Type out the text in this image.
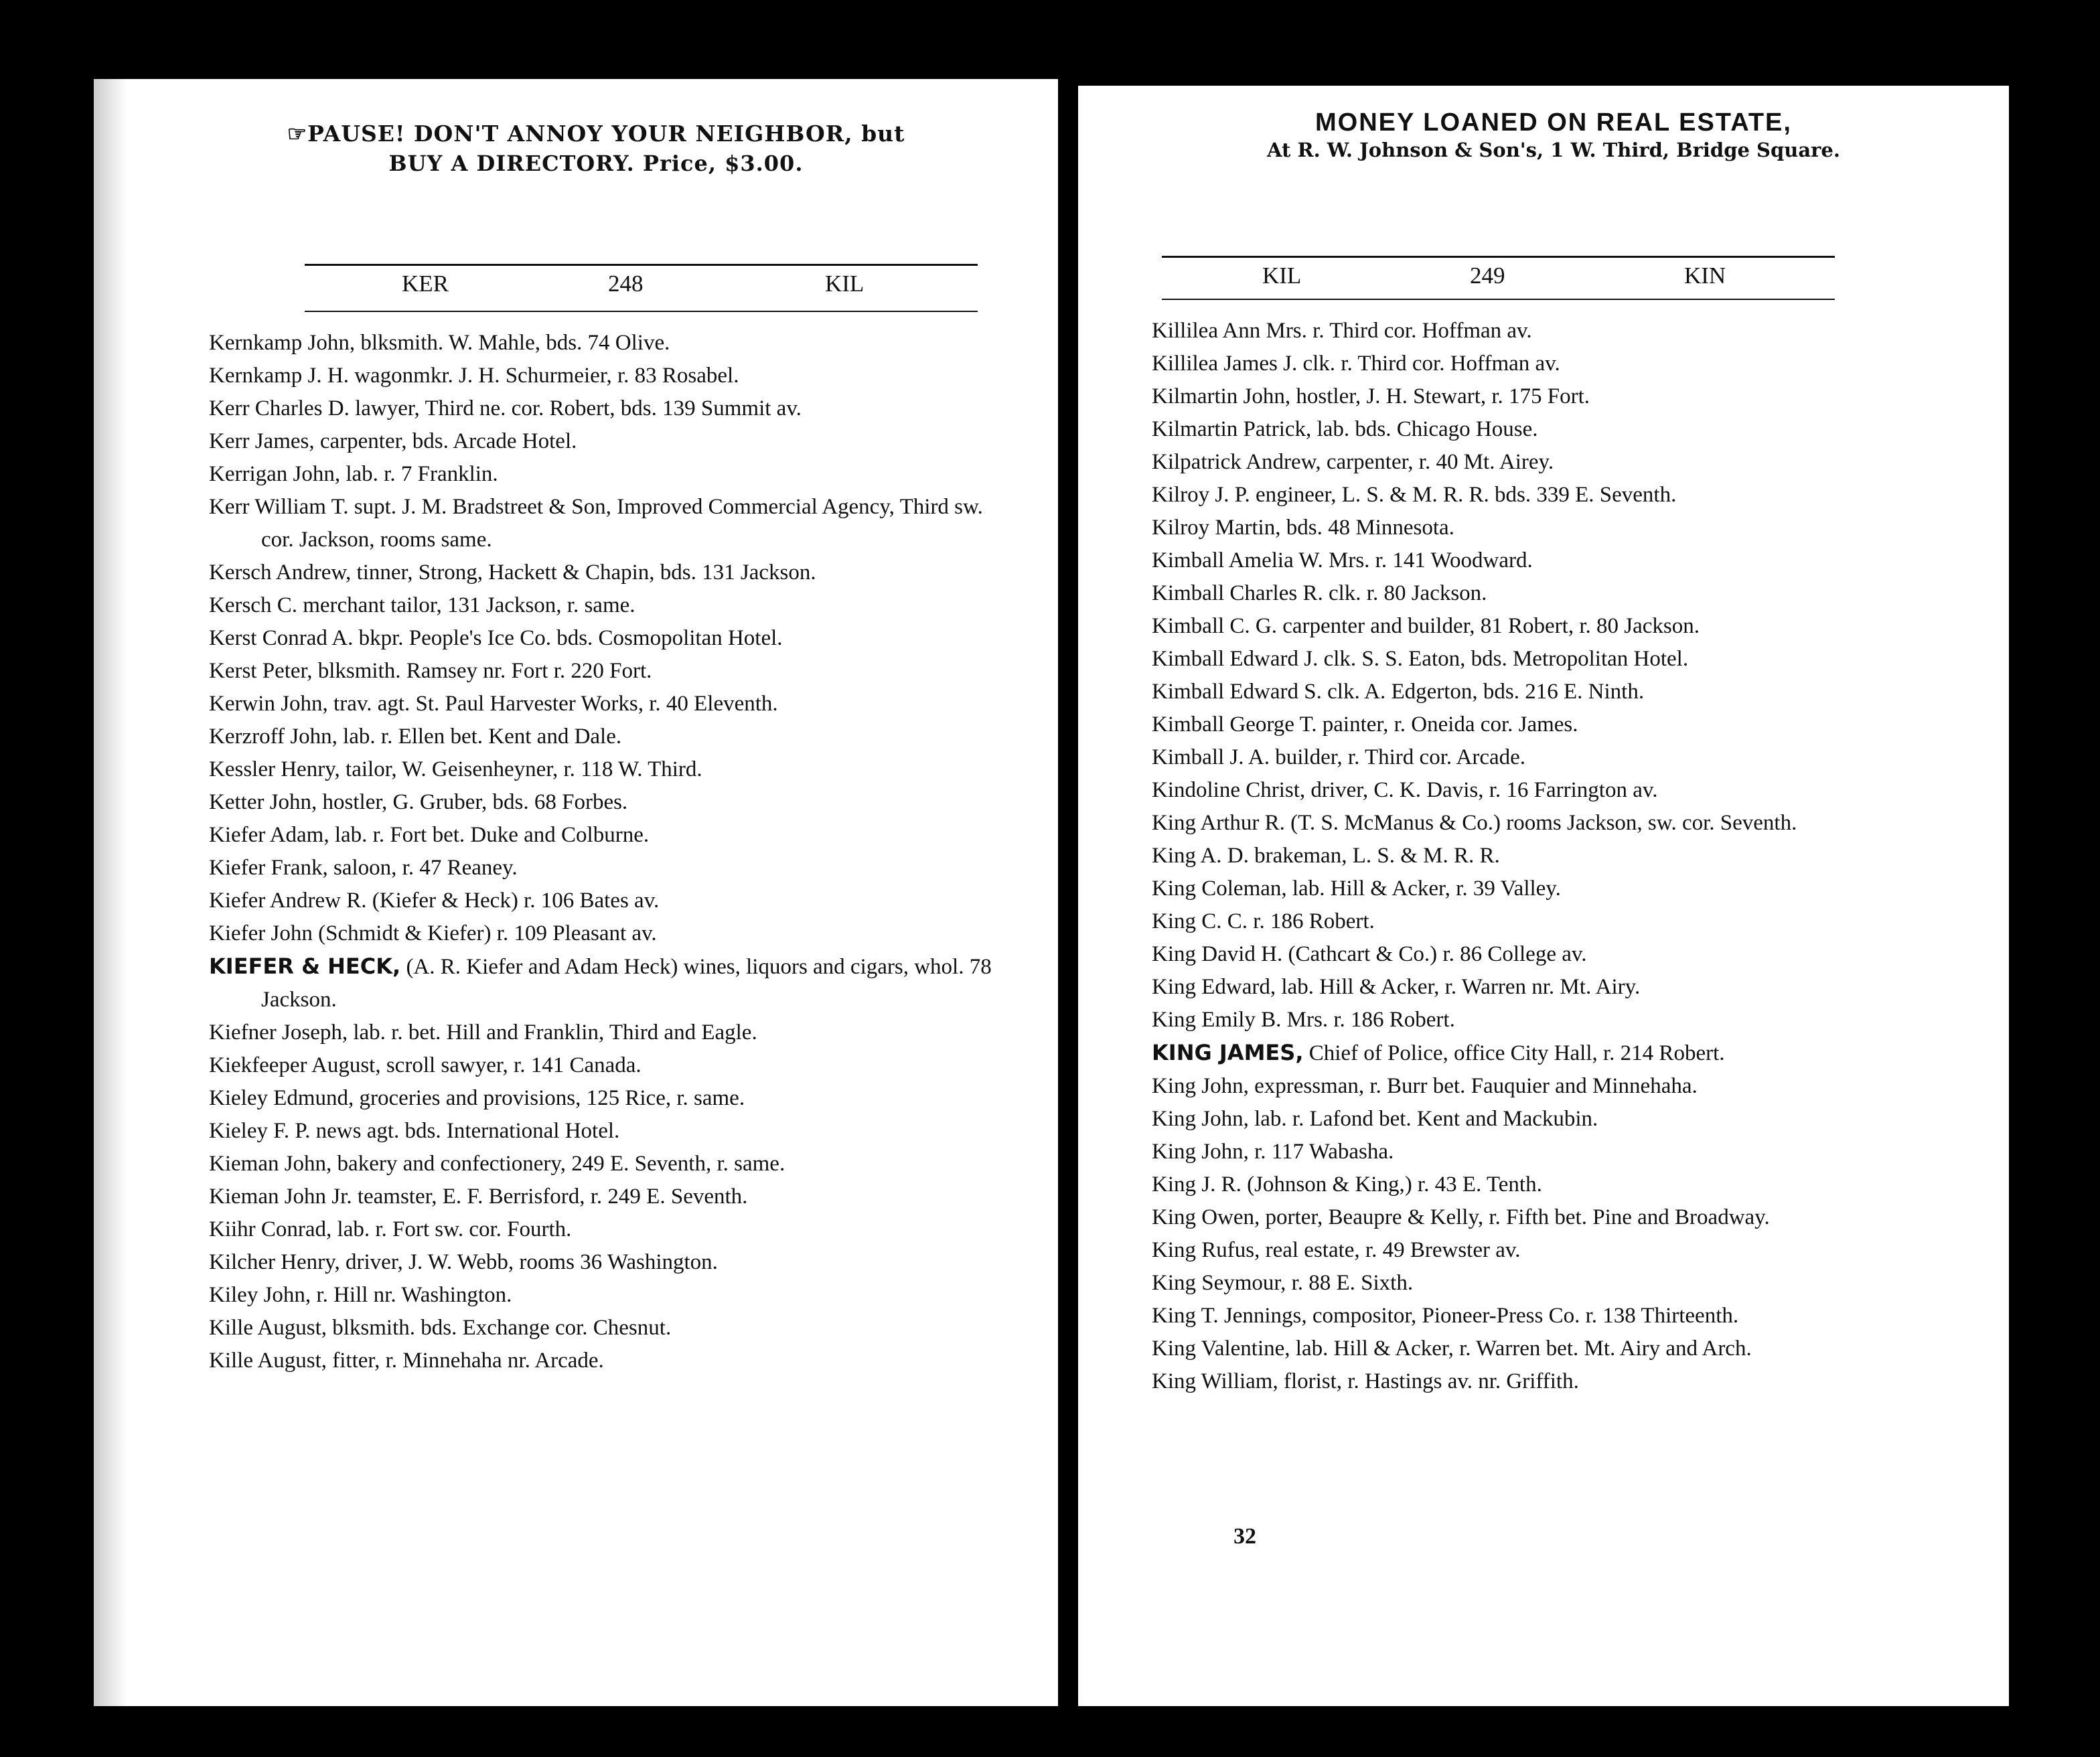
☞PAUSE! DON'T ANNOY YOUR NEIGHBOR, but
BUY A DIRECTORY. Price, $3.00.
KER	248	KIL
Kernkamp John, blksmith. W. Mahle, bds. 74 Olive.
Kernkamp J. H. wagonmkr. J. H. Schurmeier, r. 83 Rosabel.
Kerr Charles D. lawyer, Third ne. cor. Robert, bds. 139 Summit av.
Kerr James, carpenter, bds. Arcade Hotel.
Kerrigan John, lab. r. 7 Franklin.
Kerr William T. supt. J. M. Bradstreet & Son, Improved Commercial Agency, Third sw. cor. Jackson, rooms same.
Kersch Andrew, tinner, Strong, Hackett & Chapin, bds. 131 Jackson.
Kersch C. merchant tailor, 131 Jackson, r. same.
Kerst Conrad A. bkpr. People's Ice Co. bds. Cosmopolitan Hotel.
Kerst Peter, blksmith. Ramsey nr. Fort r. 220 Fort.
Kerwin John, trav. agt. St. Paul Harvester Works, r. 40 Eleventh.
Kerzroff John, lab. r. Ellen bet. Kent and Dale.
Kessler Henry, tailor, W. Geisenheyner, r. 118 W. Third.
Ketter John, hostler, G. Gruber, bds. 68 Forbes.
Kiefer Adam, lab. r. Fort bet. Duke and Colburne.
Kiefer Frank, saloon, r. 47 Reaney.
Kiefer Andrew R. (Kiefer & Heck) r. 106 Bates av.
Kiefer John (Schmidt & Kiefer) r. 109 Pleasant av.
KIEFER & HECK, (A. R. Kiefer and Adam Heck) wines, liquors and cigars, whol. 78 Jackson.
Kiefner Joseph, lab. r. bet. Hill and Franklin, Third and Eagle.
Kiekfeeper August, scroll sawyer, r. 141 Canada.
Kieley Edmund, groceries and provisions, 125 Rice, r. same.
Kieley F. P. news agt. bds. International Hotel.
Kieman John, bakery and confectionery, 249 E. Seventh, r. same.
Kieman John Jr. teamster, E. F. Berrisford, r. 249 E. Seventh.
Kiihr Conrad, lab. r. Fort sw. cor. Fourth.
Kilcher Henry, driver, J. W. Webb, rooms 36 Washington.
Kiley John, r. Hill nr. Washington.
Kille August, blksmith. bds. Exchange cor. Chesnut.
Kille August, fitter, r. Minnehaha nr. Arcade.
MONEY LOANED ON REAL ESTATE,
At R. W. Johnson & Son's, 1 W. Third, Bridge Square.
KIL	249	KIN
Killilea Ann Mrs. r. Third cor. Hoffman av.
Killilea James J. clk. r. Third cor. Hoffman av.
Kilmartin John, hostler, J. H. Stewart, r. 175 Fort.
Kilmartin Patrick, lab. bds. Chicago House.
Kilpatrick Andrew, carpenter, r. 40 Mt. Airey.
Kilroy J. P. engineer, L. S. & M. R. R. bds. 339 E. Seventh.
Kilroy Martin, bds. 48 Minnesota.
Kimball Amelia W. Mrs. r. 141 Woodward.
Kimball Charles R. clk. r. 80 Jackson.
Kimball C. G. carpenter and builder, 81 Robert, r. 80 Jackson.
Kimball Edward J. clk. S. S. Eaton, bds. Metropolitan Hotel.
Kimball Edward S. clk. A. Edgerton, bds. 216 E. Ninth.
Kimball George T. painter, r. Oneida cor. James.
Kimball J. A. builder, r. Third cor. Arcade.
Kindoline Christ, driver, C. K. Davis, r. 16 Farrington av.
King Arthur R. (T. S. McManus & Co.) rooms Jackson, sw. cor. Seventh.
King A. D. brakeman, L. S. & M. R. R.
King Coleman, lab. Hill & Acker, r. 39 Valley.
King C. C. r. 186 Robert.
King David H. (Cathcart & Co.) r. 86 College av.
King Edward, lab. Hill & Acker, r. Warren nr. Mt. Airy.
King Emily B. Mrs. r. 186 Robert.
KING JAMES, Chief of Police, office City Hall, r. 214 Robert.
King John, expressman, r. Burr bet. Fauquier and Minnehaha.
King John, lab. r. Lafond bet. Kent and Mackubin.
King John, r. 117 Wabasha.
King J. R. (Johnson & King,) r. 43 E. Tenth.
King Owen, porter, Beaupre & Kelly, r. Fifth bet. Pine and Broadway.
King Rufus, real estate, r. 49 Brewster av.
King Seymour, r. 88 E. Sixth.
King T. Jennings, compositor, Pioneer-Press Co. r. 138 Thirteenth.
King Valentine, lab. Hill & Acker, r. Warren bet. Mt. Airy and Arch.
King William, florist, r. Hastings av. nr. Griffith.
32
